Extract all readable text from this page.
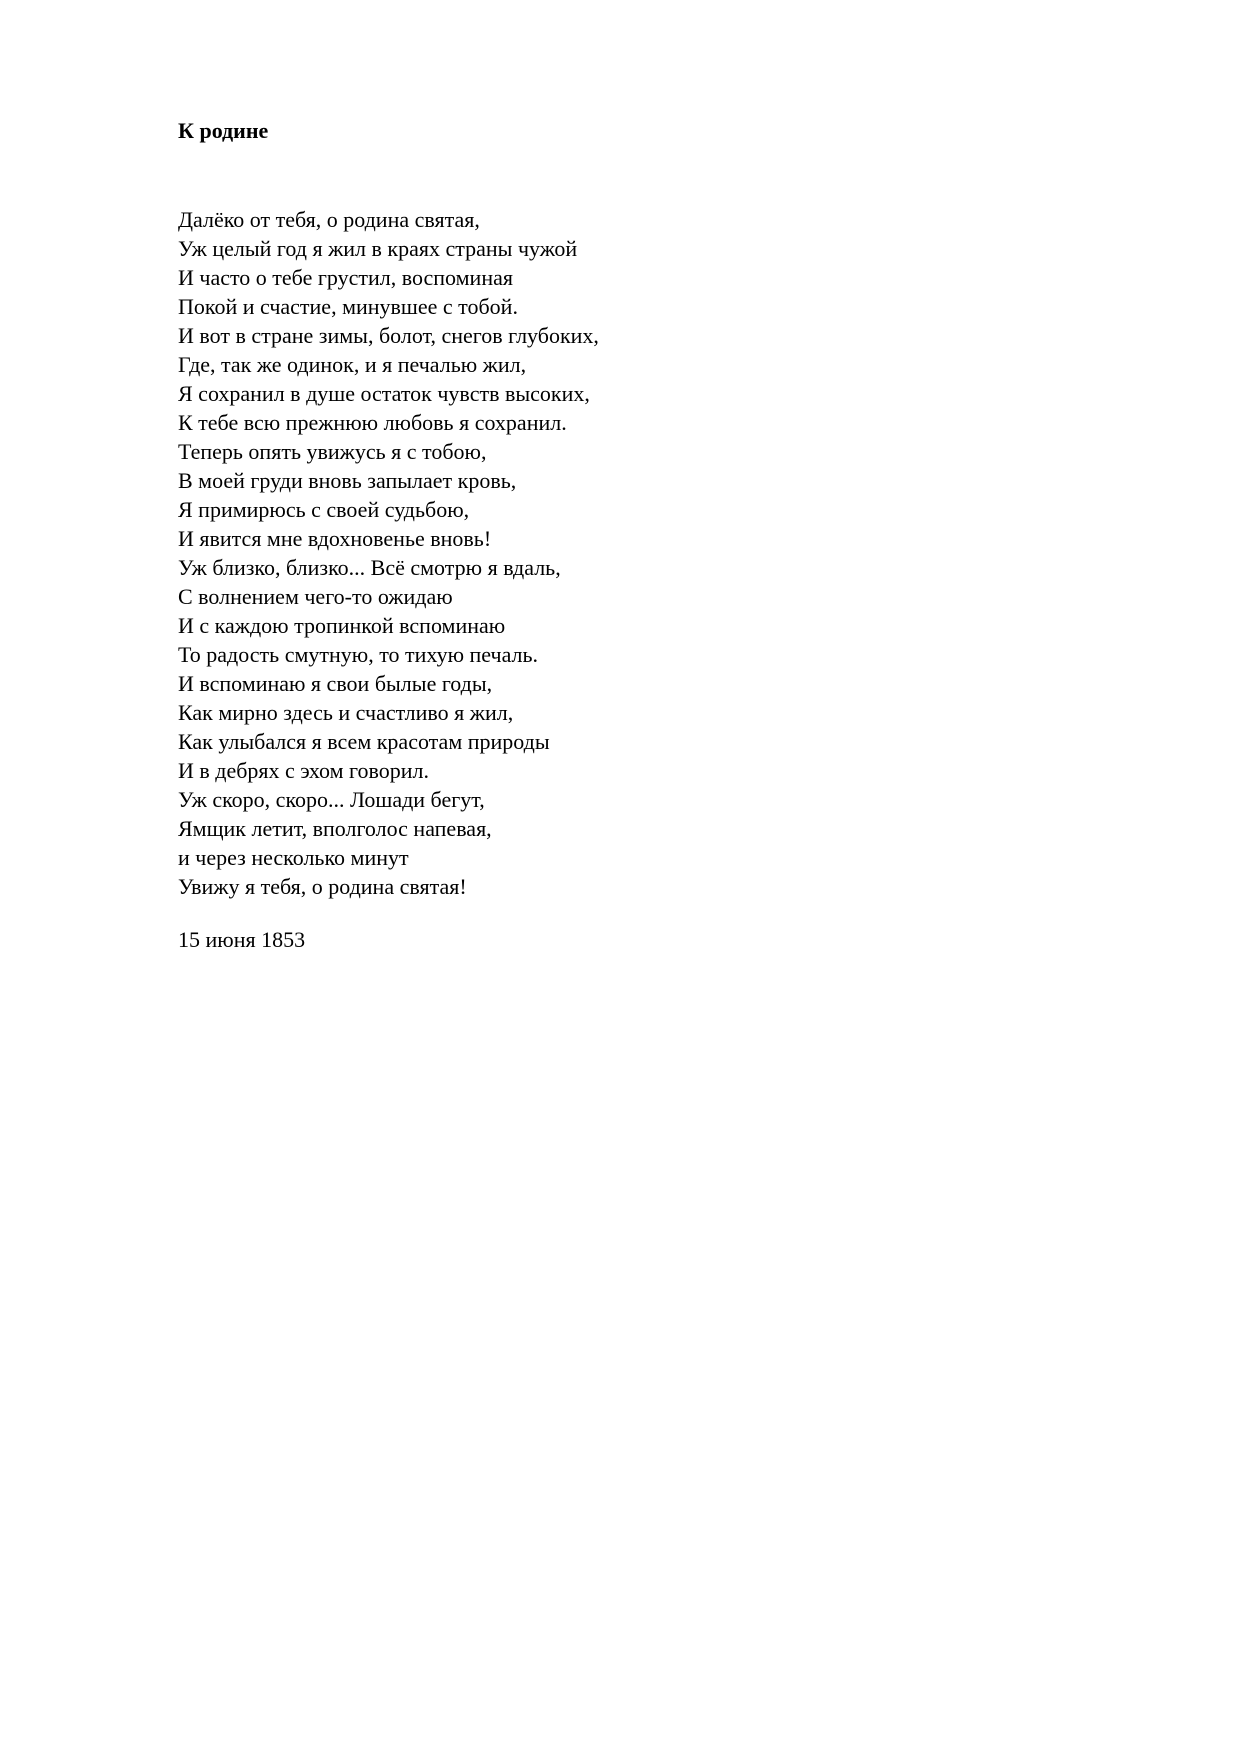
К родине
Далёко от тебя, о родина святая,
Уж целый год я жил в краях страны чужой
И часто о тебе грустил, воспоминая
Покой и счастие, минувшее с тобой.
И вот в стране зимы, болот, снегов глубоких,
Где, так же одинок, и я печалью жил,
Я сохранил в душе остаток чувств высоких,
К тебе всю прежнюю любовь я сохранил.
Теперь опять увижусь я с тобою,
В моей груди вновь запылает кровь,
Я примирюсь с своей судьбою,
И явится мне вдохновенье вновь!
Уж близко, близко... Всё смотрю я вдаль,
С волнением чего-то ожидаю
И с каждою тропинкой вспоминаю
То радость смутную, то тихую печаль.
И вспоминаю я свои былые годы,
Как мирно здесь и счастливо я жил,
Как улыбался я всем красотам природы
И в дебрях с эхом говорил.
Уж скоро, скоро... Лошади бегут,
Ямщик летит, вполголос напевая,
и через несколько минут
Увижу я тебя, о родина святая!

15 июня 1853
